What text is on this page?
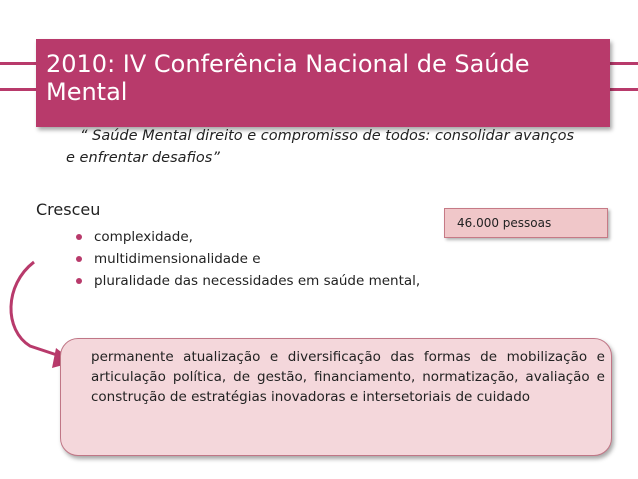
2010: IV Conferência Nacional de Saúde Mental
“ Saúde Mental direito e compromisso de todos: consolidar avanços e enfrentar desafios”
Cresceu
complexidade,
multidimensionalidade e
pluralidade das necessidades em saúde mental,
46.000 pessoas

permanente atualização e diversificação das formas de mobilização e articulação política, de gestão, financiamento, normatização, avaliação e construção de estratégias inovadoras e intersetoriais de cuidado
